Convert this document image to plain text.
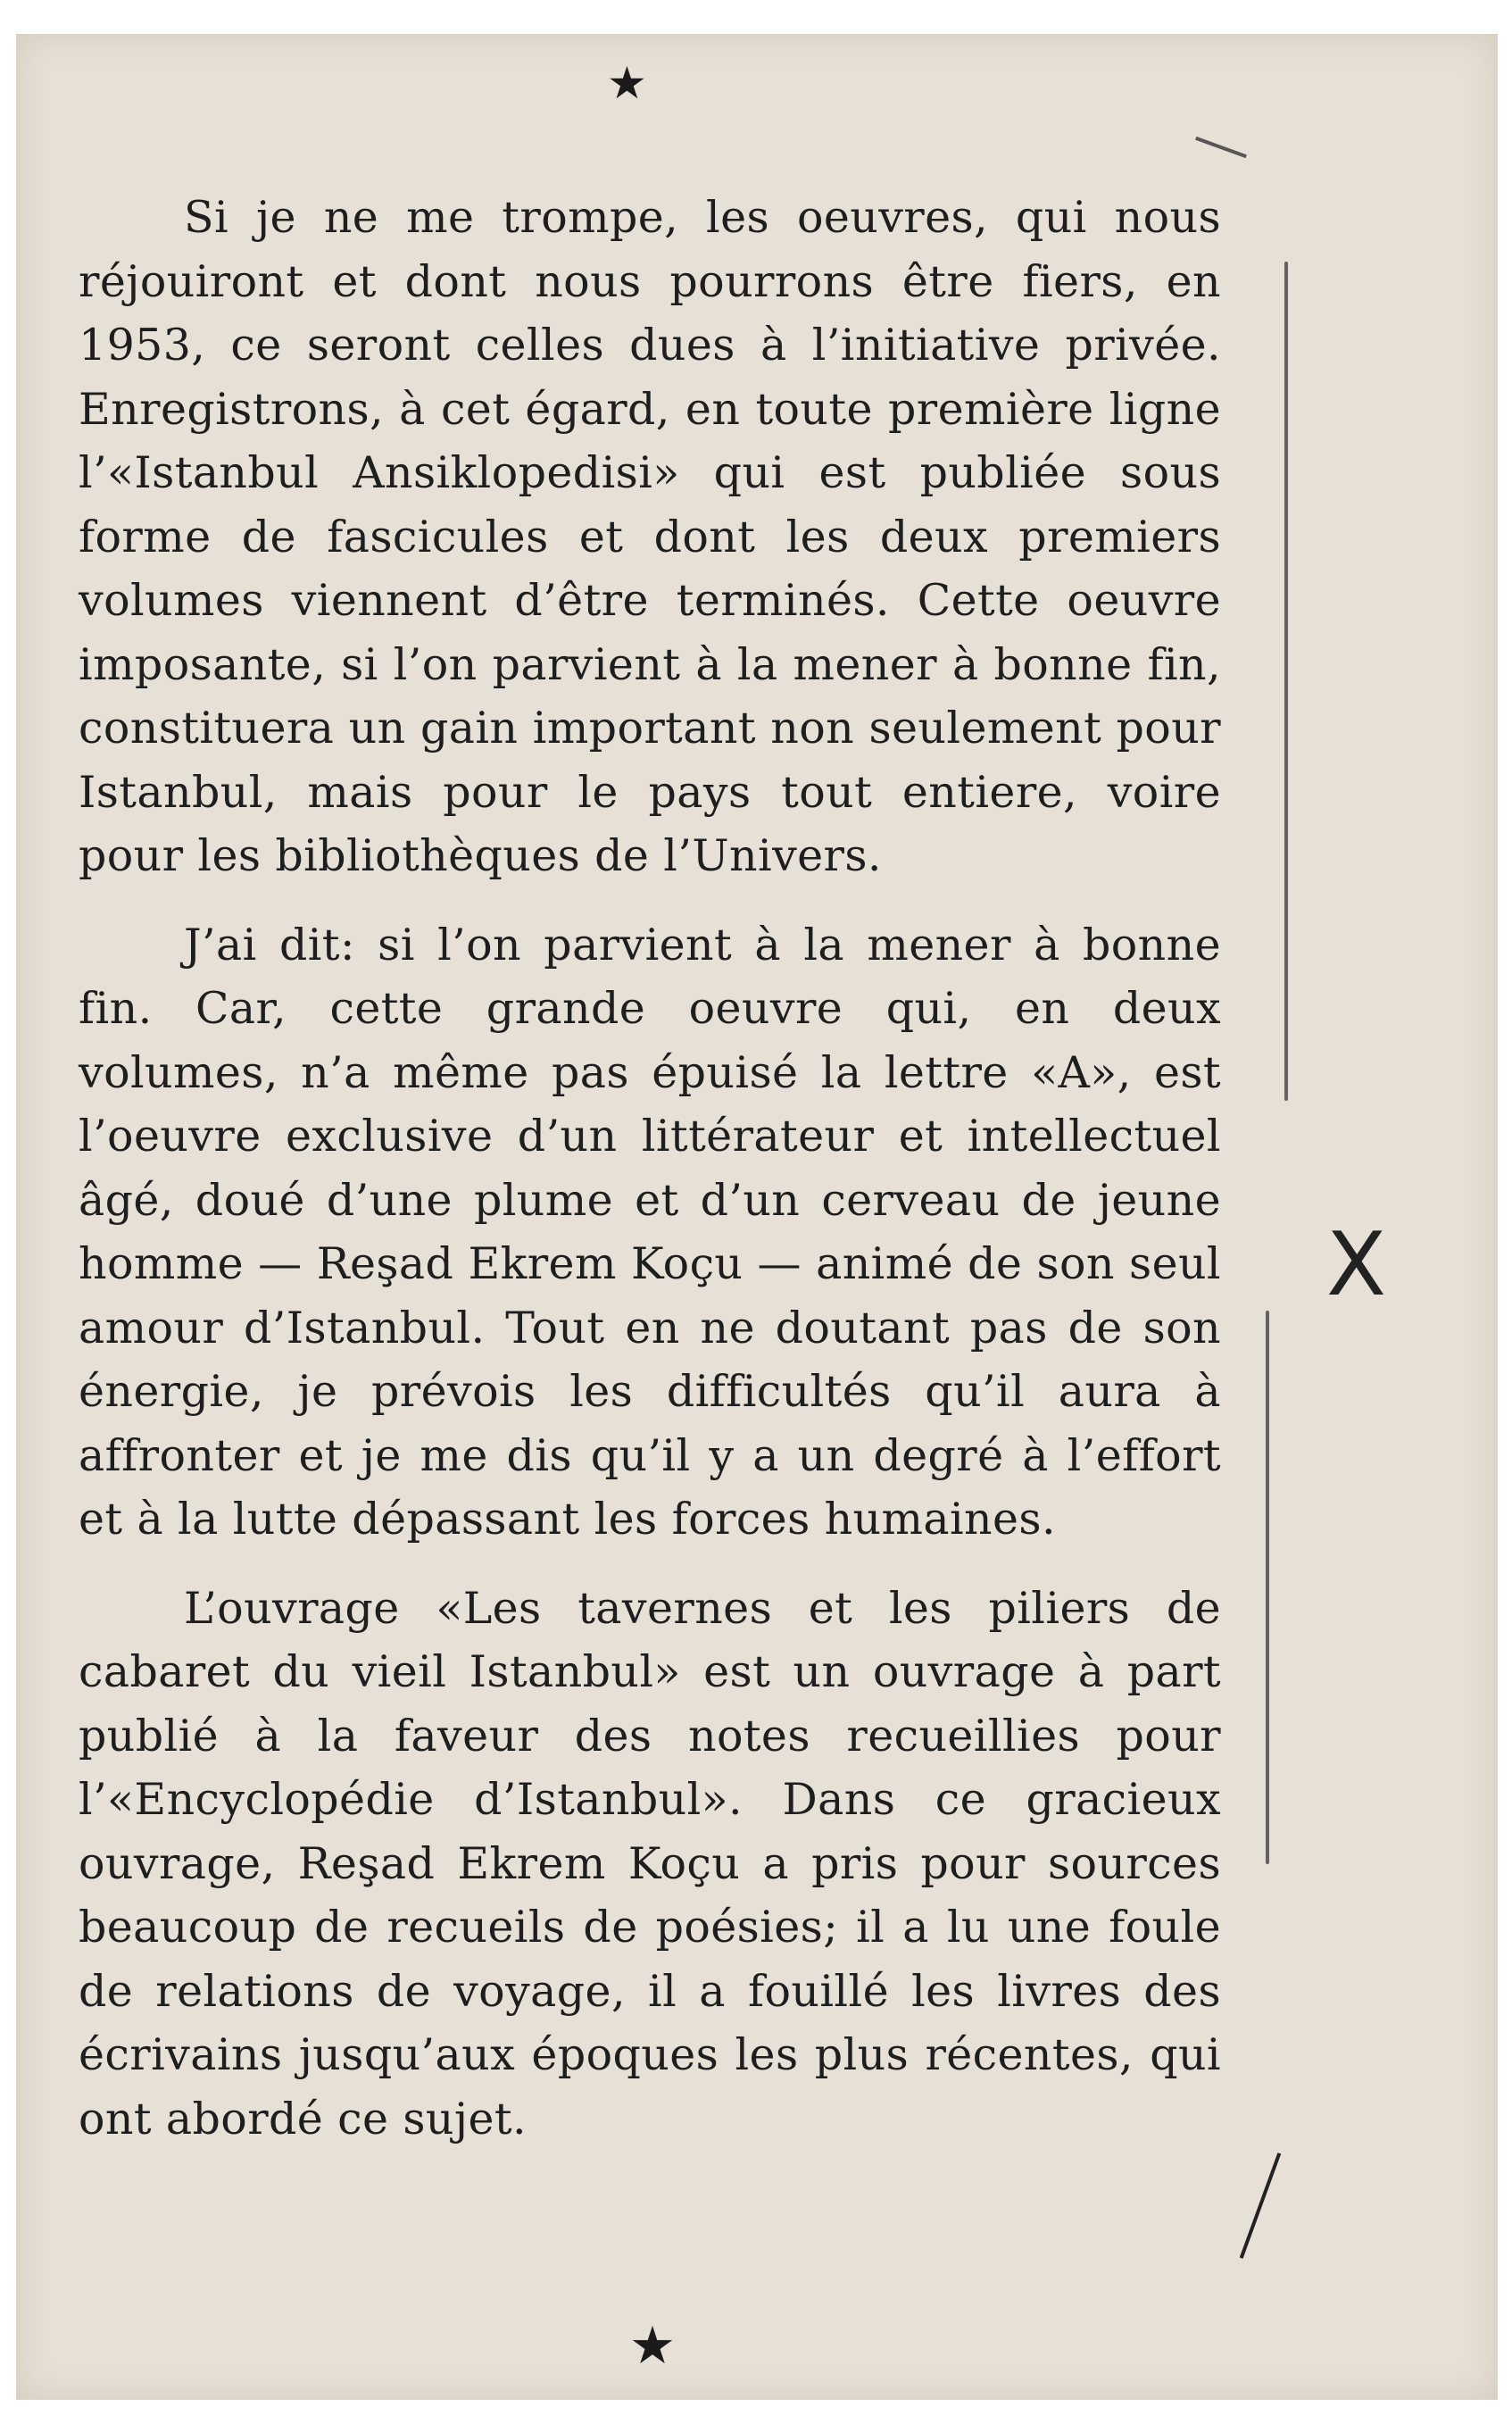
★
X

Si je ne me trompe, les oeuvres, qui nous réjouiront et dont nous pourrons être fiers, en 1953, ce seront celles dues à l’initiative privée. Enregistrons, à cet égard, en toute première ligne l’«Istanbul Ansiklopedisi» qui est publiée sous forme de fascicules et dont les deux premiers volumes viennent d’être terminés. Cette oeuvre imposante, si l’on parvient à la mener à bonne fin, constituera un gain important non seulement pour Istanbul, mais pour le pays tout entiere, voire pour les bibliothèques de l’Univers.

J’ai dit: si l’on parvient à la mener à bonne fin. Car, cette grande oeuvre qui, en deux volumes, n’a même pas épuisé la lettre «A», est l’oeuvre exclusive d’un littérateur et intellectuel âgé, doué d’une plume et d’un cerveau de jeune homme — Reşad Ekrem Koçu — animé de son seul amour d’Istanbul. Tout en ne doutant pas de son énergie, je prévois les difficultés qu’il aura à affronter et je me dis qu’il y a un degré à l’effort et à la lutte dépassant les forces humaines.

L’ouvrage «Les tavernes et les piliers de cabaret du vieil Istanbul» est un ouvrage à part publié à la faveur des notes recueillies pour l’«Encyclopédie d’Istanbul». Dans ce gracieux ouvrage, Reşad Ekrem Koçu a pris pour sources beaucoup de recueils de poésies; il a lu une foule de relations de voyage, il a fouillé les livres des écrivains jusqu’aux époques les plus récentes, qui ont abordé ce sujet.

★
